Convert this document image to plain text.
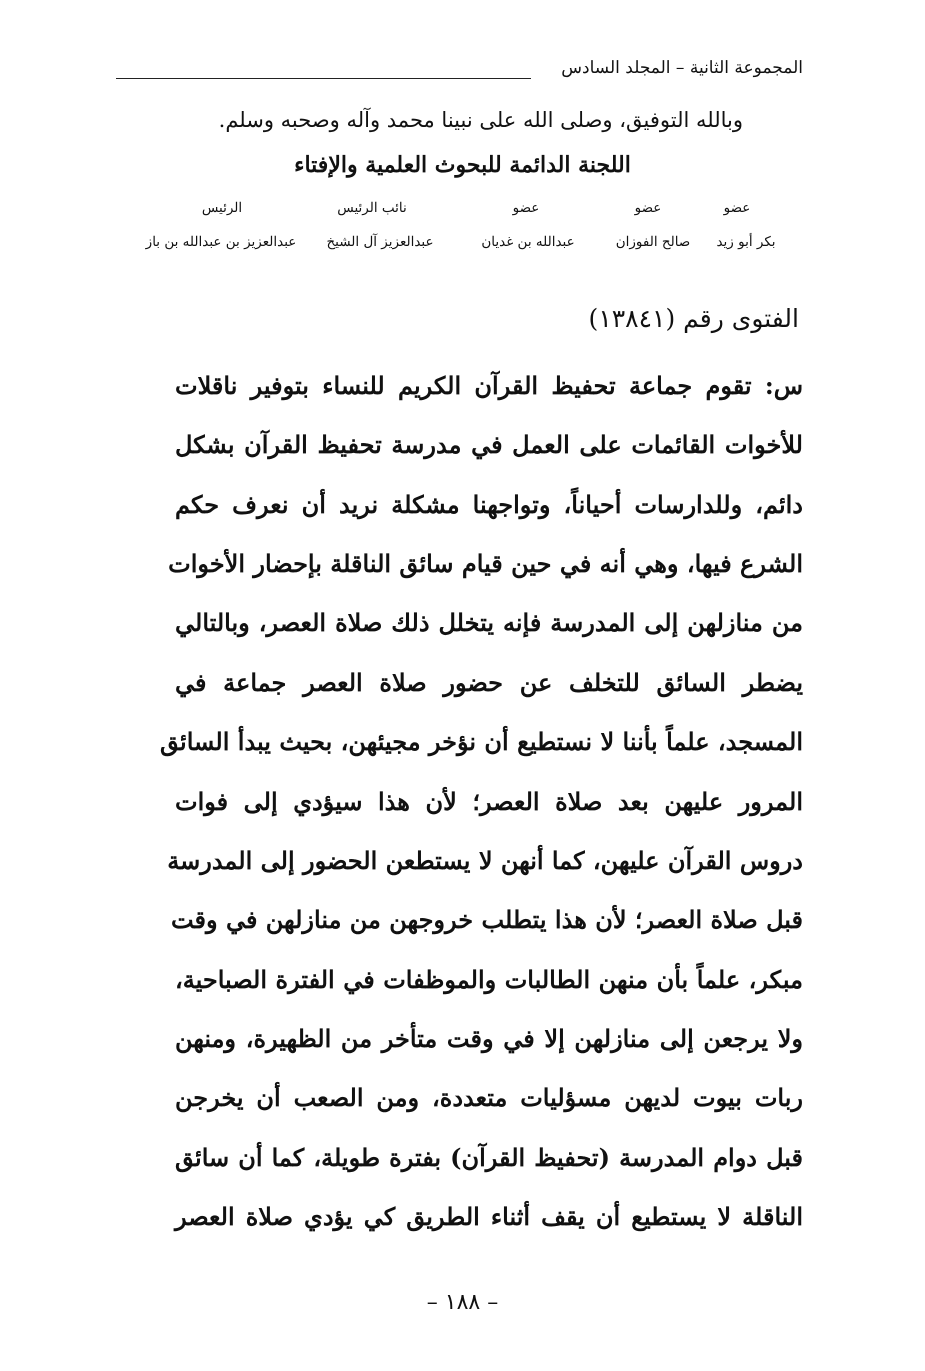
المجموعة الثانية – المجلد السادس
وبالله التوفيق، وصلى الله على نبينا محمد وآله وصحبه وسلم.
اللجنة الدائمة للبحوث العلمية والإفتاء
عضو
عضو
عضو
نائب الرئيس
الرئيس
بكر أبو زيد
صالح الفوزان
عبدالله بن غديان
عبدالعزيز آل الشيخ
عبدالعزيز بن عبدالله بن باز
الفتوى رقم (١٣٨٤١)
س: تقوم جماعة تحفيظ القرآن الكريم للنساء بتوفير ناقلات
للأخوات القائمات على العمل في مدرسة تحفيظ القرآن بشكل
دائم، وللدارسات أحياناً، وتواجهنا مشكلة نريد أن نعرف حكم
الشرع فيها، وهي أنه في حين قيام سائق الناقلة بإحضار الأخوات
من منازلهن إلى المدرسة فإنه يتخلل ذلك صلاة العصر، وبالتالي
يضطر السائق للتخلف عن حضور صلاة العصر جماعة في
المسجد، علماً بأننا لا نستطيع أن نؤخر مجيئهن، بحيث يبدأ السائق
المرور عليهن بعد صلاة العصر؛ لأن هذا سيؤدي إلى فوات
دروس القرآن عليهن، كما أنهن لا يستطعن الحضور إلى المدرسة
قبل صلاة العصر؛ لأن هذا يتطلب خروجهن من منازلهن في وقت
مبكر، علماً بأن منهن الطالبات والموظفات في الفترة الصباحية،
ولا يرجعن إلى منازلهن إلا في وقت متأخر من الظهيرة، ومنهن
ربات بيوت لديهن مسؤليات متعددة، ومن الصعب أن يخرجن
قبل دوام المدرسة (تحفيظ القرآن) بفترة طويلة، كما أن سائق
الناقلة لا يستطيع أن يقف أثناء الطريق كي يؤدي صلاة العصر
– ١٨٨ –
